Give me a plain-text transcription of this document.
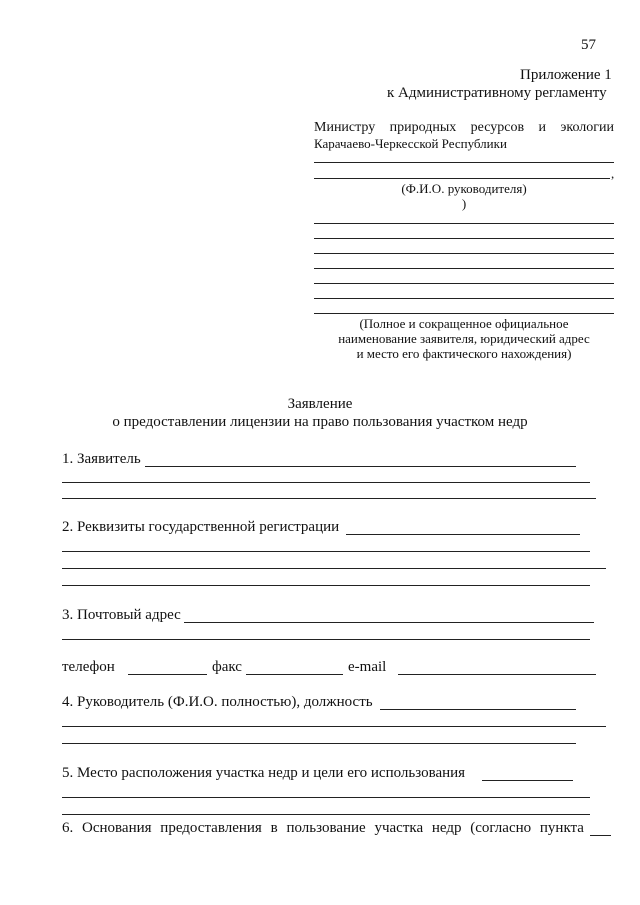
57
Приложение 1
к Административному регламенту
Министру природных ресурсов и экологии
Карачаево-Черкесской Республики
,
(Ф.И.О. руководителя)
)
(Полное и сокращенное официальное
наименование заявителя, юридический адрес
и место его фактического нахождения)
Заявление
о предоставлении лицензии на право пользования участком недр
1. Заявитель
2. Реквизиты государственной регистрации
3. Почтовый адрес
телефон	факс	e-mail
4. Руководитель (Ф.И.О. полностью), должность
5. Место расположения участка недр и цели его использования
6. Основания предоставления в пользование участка недр (согласно пункта
